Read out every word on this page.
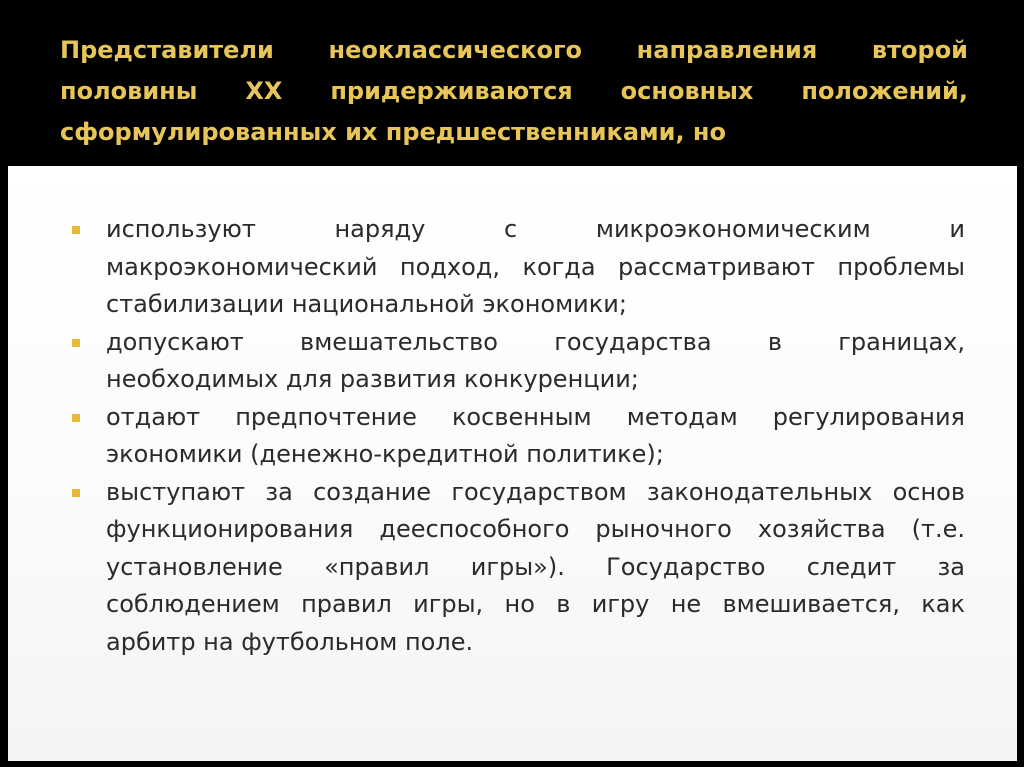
Представители неоклассического направления второй
половины XX придерживаются основных положений,
сформулированных их предшественниками, но
используют наряду с микроэкономическим и
макроэкономический подход, когда рассматривают проблемы
стабилизации национальной экономики;
допускают вмешательство государства в границах,
необходимых для развития конкуренции;
отдают предпочтение косвенным методам регулирования
экономики (денежно-кредитной политике);
выступают за создание государством законодательных основ
функционирования дееспособного рыночного хозяйства (т.е.
установление «правил игры»). Государство следит за
соблюдением правил игры, но в игру не вмешивается, как
арбитр на футбольном поле.
